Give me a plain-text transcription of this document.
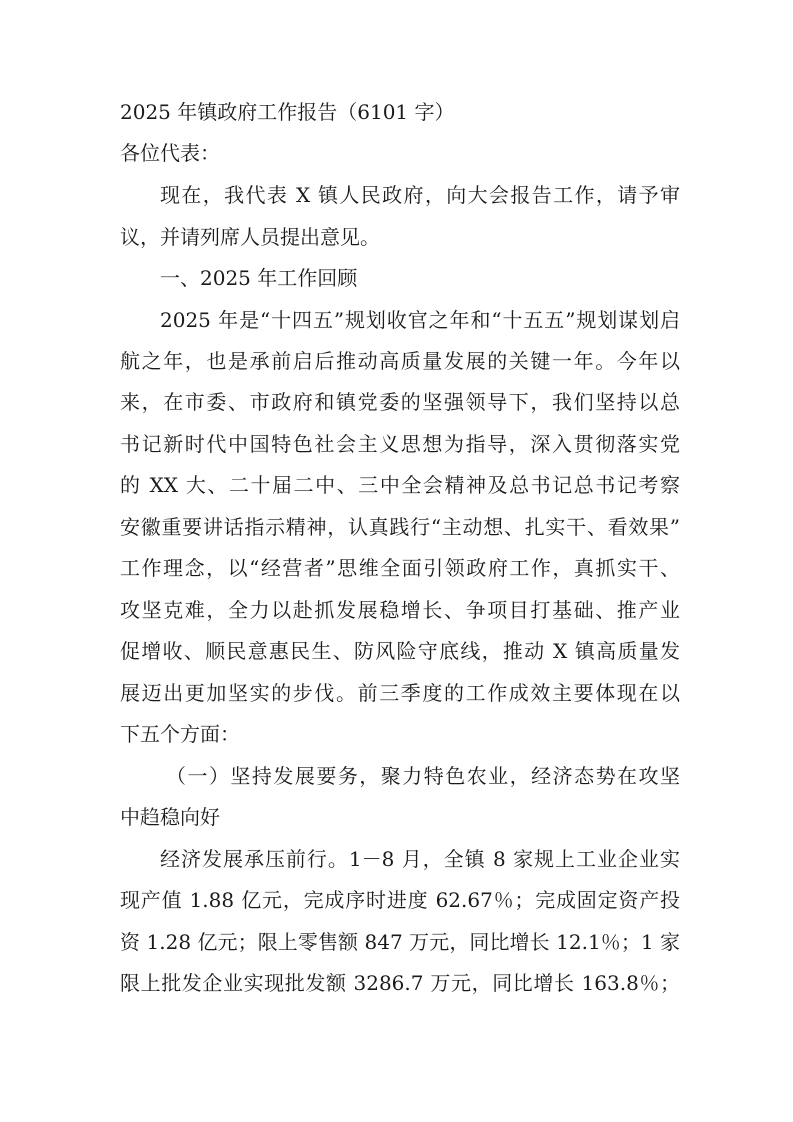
2025 年镇政府工作报告（6101 字）
各位代表：
现在，我代表 X 镇人民政府，向大会报告工作，请予审
议，并请列席人员提出意见。
一、2025 年工作回顾
2025 年是“十四五”规划收官之年和“十五五”规划谋划启
航之年，也是承前启后推动高质量发展的关键一年。今年以
来，在市委、市政府和镇党委的坚强领导下，我们坚持以总
书记新时代中国特色社会主义思想为指导，深入贯彻落实党
的 XX 大、二十届二中、三中全会精神及总书记总书记考察
安徽重要讲话指示精神，认真践行“主动想、扎实干、看效果”
工作理念，以“经营者”思维全面引领政府工作，真抓实干、
攻坚克难，全力以赴抓发展稳增长、争项目打基础、推产业
促增收、顺民意惠民生、防风险守底线，推动 X 镇高质量发
展迈出更加坚实的步伐。前三季度的工作成效主要体现在以
下五个方面：
（一）坚持发展要务，聚力特色农业，经济态势在攻坚
中趋稳向好
经济发展承压前行。1－8 月，全镇 8 家规上工业企业实
现产值 1.88 亿元，完成序时进度 62.67％；完成固定资产投
资 1.28 亿元；限上零售额 847 万元，同比增长 12.1％；1 家
限上批发企业实现批发额 3286.7 万元，同比增长 163.8％；
